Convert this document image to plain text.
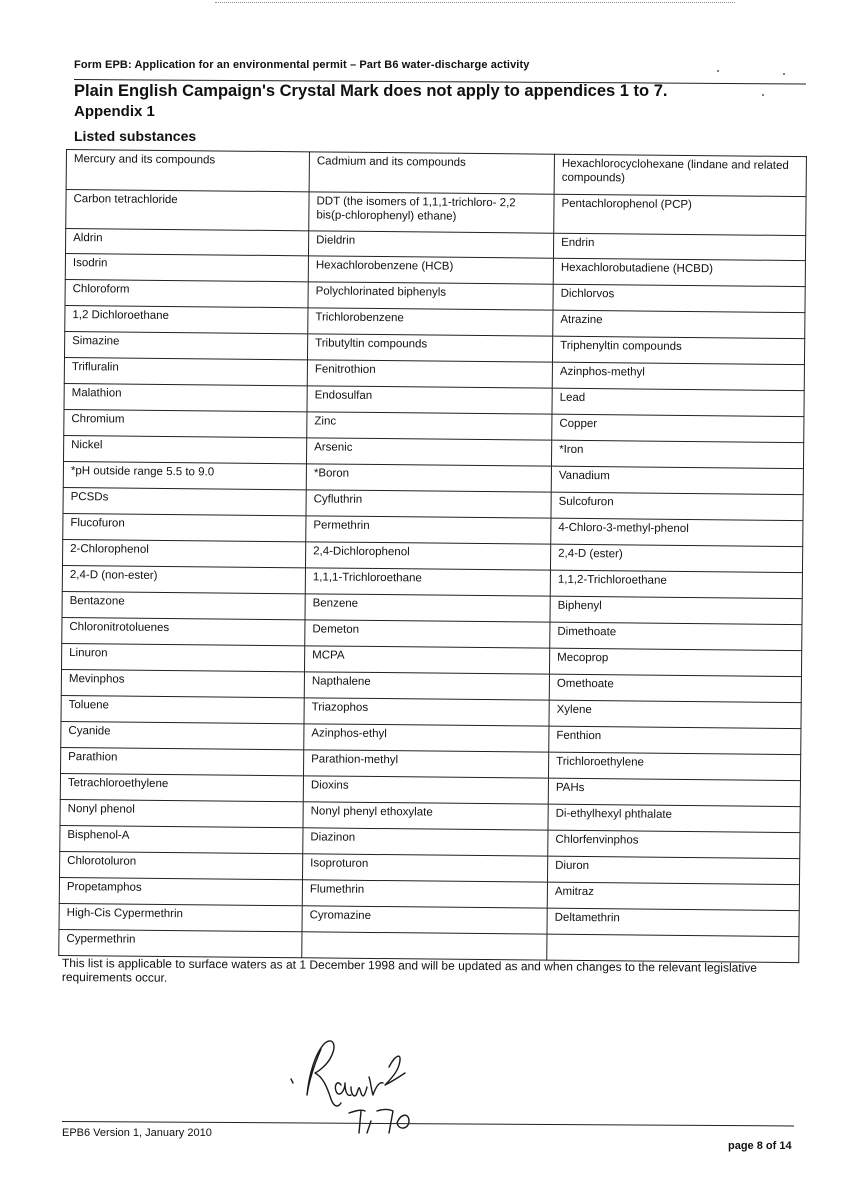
Form EPB: Application for an environmental permit – Part B6 water-discharge activity
Plain English Campaign's Crystal Mark does not apply to appendices 1 to 7.
Appendix 1
Listed substances
Mercury and its compounds	Cadmium and its compounds	Hexachlorocyclohexane (lindane and related compounds)
Carbon tetrachloride	DDT (the isomers of 1,1,1-trichloro- 2,2 bis(p-chlorophenyl) ethane)	Pentachlorophenol (PCP)
Aldrin	Dieldrin	Endrin
Isodrin	Hexachlorobenzene (HCB)	Hexachlorobutadiene (HCBD)
Chloroform	Polychlorinated biphenyls	Dichlorvos
1,2 Dichloroethane	Trichlorobenzene	Atrazine
Simazine	Tributyltin compounds	Triphenyltin compounds
Trifluralin	Fenitrothion	Azinphos-methyl
Malathion	Endosulfan	Lead
Chromium	Zinc	Copper
Nickel	Arsenic	*Iron
*pH outside range 5.5 to 9.0	*Boron	Vanadium
PCSDs	Cyfluthrin	Sulcofuron
Flucofuron	Permethrin	4-Chloro-3-methyl-phenol
2-Chlorophenol	2,4-Dichlorophenol	2,4-D (ester)
2,4-D (non-ester)	1,1,1-Trichloroethane	1,1,2-Trichloroethane
Bentazone	Benzene	Biphenyl
Chloronitrotoluenes	Demeton	Dimethoate
Linuron	MCPA	Mecoprop
Mevinphos	Napthalene	Omethoate
Toluene	Triazophos	Xylene
Cyanide	Azinphos-ethyl	Fenthion
Parathion	Parathion-methyl	Trichloroethylene
Tetrachloroethylene	Dioxins	PAHs
Nonyl phenol	Nonyl phenyl ethoxylate	Di-ethylhexyl phthalate
Bisphenol-A	Diazinon	Chlorfenvinphos
Chlorotoluron	Isoproturon	Diuron
Propetamphos	Flumethrin	Amitraz
High-Cis Cypermethrin	Cyromazine	Deltamethrin
Cypermethrin		
This list is applicable to surface waters as at 1 December 1998 and will be updated as and when changes to the relevant legislative requirements occur.
EPB6 Version 1, January 2010
page 8 of 14
